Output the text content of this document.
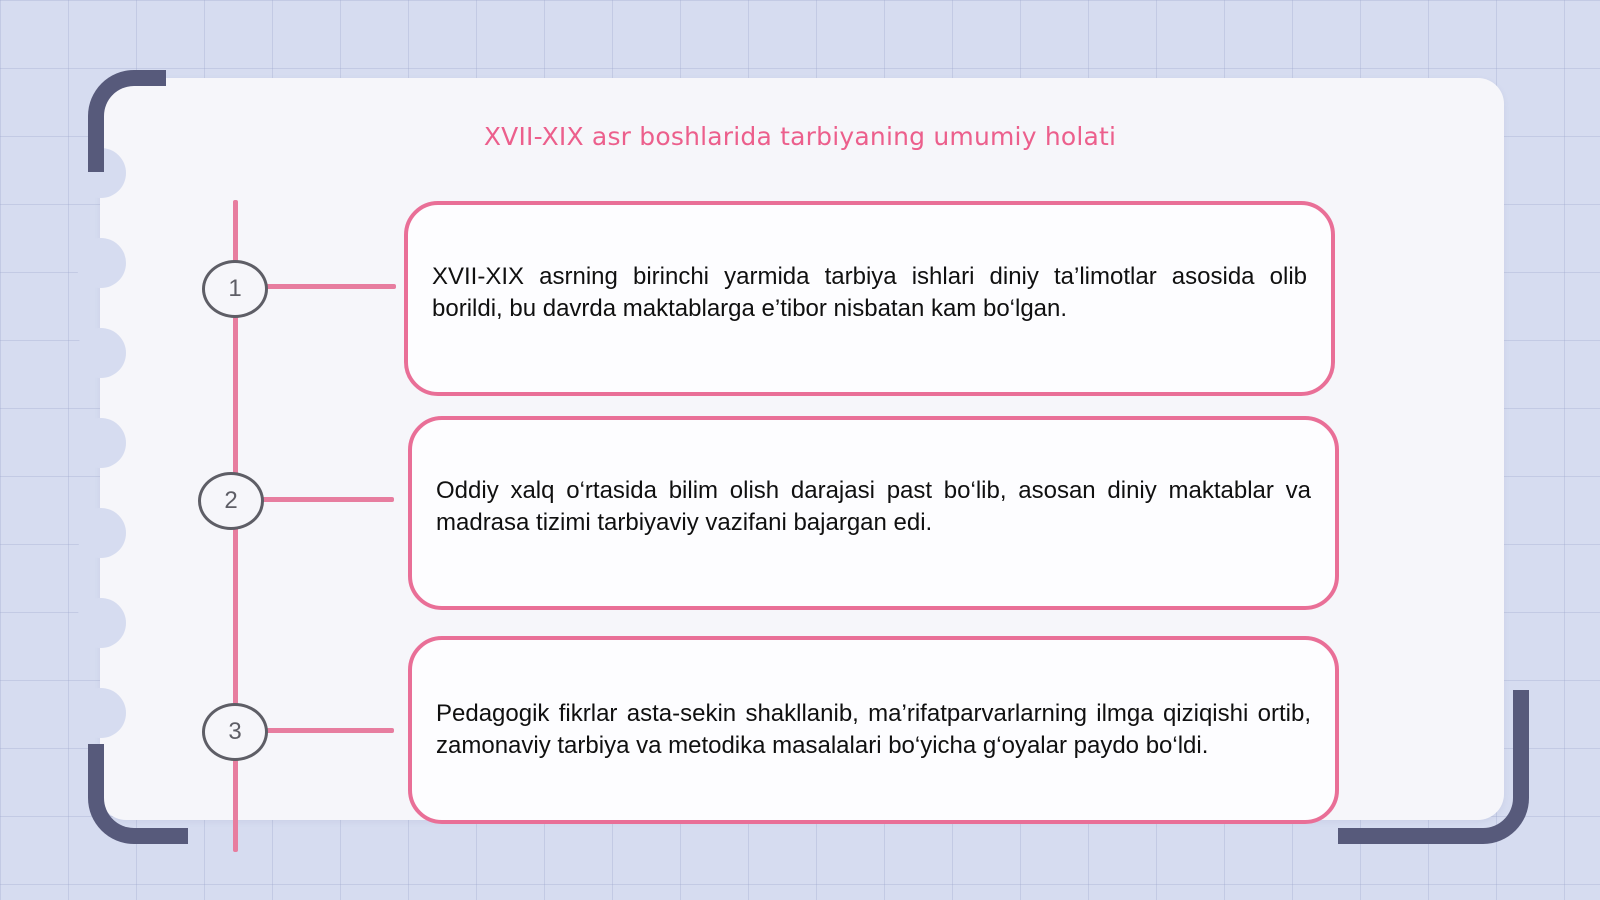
XVII-XIX asr boshlarida tarbiyaning umumiy holati
1
2
3

XVII-XIX asrning birinchi yarmida tarbiya ishlari diniy ta’limotlar asosida olib borildi, bu davrda maktablarga e’tibor nisbatan kam bo‘lgan.

Oddiy xalq o‘rtasida bilim olish darajasi past bo‘lib, asosan diniy maktablar va madrasa tizimi tarbiyaviy vazifani bajargan edi.

Pedagogik fikrlar asta-sekin shakllanib, ma’rifatparvarlarning ilmga qiziqishi ortib, zamonaviy tarbiya va metodika masalalari bo‘yicha g‘oyalar paydo bo‘ldi.
